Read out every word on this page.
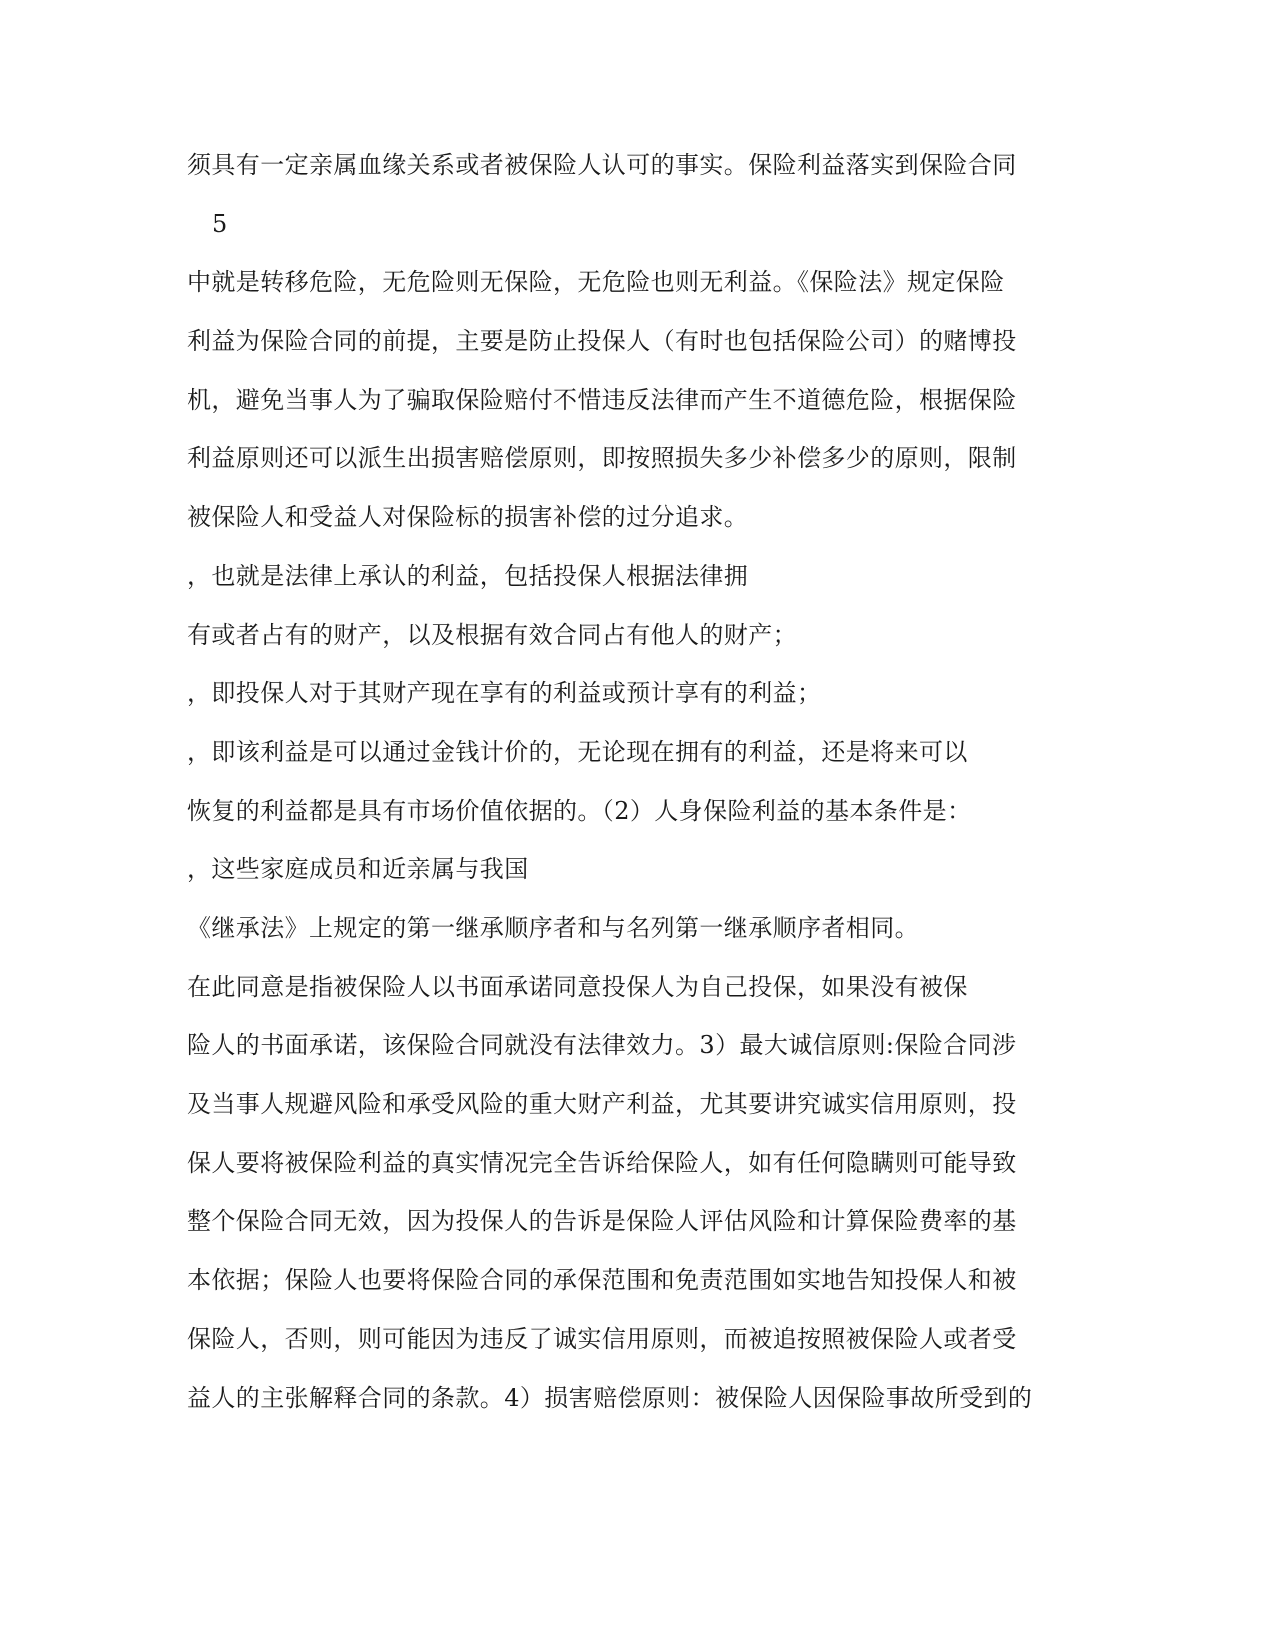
须具有一定亲属血缘关系或者被保险人认可的事实。保险利益落实到保险合同
5
中就是转移危险，无危险则无保险，无危险也则无利益。《保险法》规定保险
利益为保险合同的前提，主要是防止投保人（有时也包括保险公司）的赌博投
机，避免当事人为了骗取保险赔付不惜违反法律而产生不道德危险，根据保险
利益原则还可以派生出损害赔偿原则，即按照损失多少补偿多少的原则，限制
被保险人和受益人对保险标的损害补偿的过分追求。
，也就是法律上承认的利益，包括投保人根据法律拥
有或者占有的财产，以及根据有效合同占有他人的财产；
，即投保人对于其财产现在享有的利益或预计享有的利益；
，即该利益是可以通过金钱计价的，无论现在拥有的利益，还是将来可以
恢复的利益都是具有市场价值依据的。（2）人身保险利益的基本条件是：
，这些家庭成员和近亲属与我国
《继承法》上规定的第一继承顺序者和与名列第一继承顺序者相同。
在此同意是指被保险人以书面承诺同意投保人为自己投保，如果没有被保
险人的书面承诺，该保险合同就没有法律效力。3）最大诚信原则:保险合同涉
及当事人规避风险和承受风险的重大财产利益，尤其要讲究诚实信用原则，投
保人要将被保险利益的真实情况完全告诉给保险人，如有任何隐瞒则可能导致
整个保险合同无效，因为投保人的告诉是保险人评估风险和计算保险费率的基
本依据；保险人也要将保险合同的承保范围和免责范围如实地告知投保人和被
保险人，否则，则可能因为违反了诚实信用原则，而被追按照被保险人或者受
益人的主张解释合同的条款。4）损害赔偿原则：被保险人因保险事故所受到的
